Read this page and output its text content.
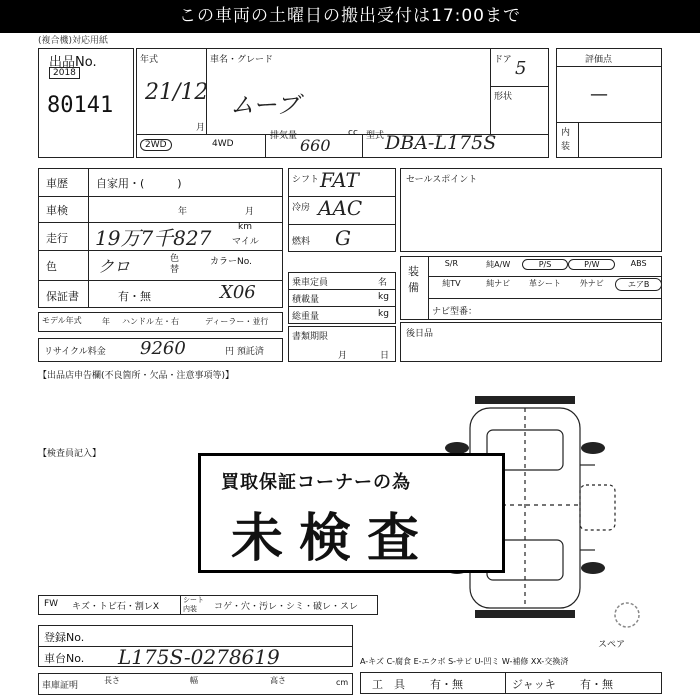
この車両の土曜日の搬出受付は17:00まで
(複合機)対応用紙
出品No.
2018
80141
年式
21/12
月
車名・グレード
ムーブ
ドア 5
形状
2WD	4WD
排気量 660
cc 型式 DBA-L175S
評価点
—
内装
車歴	自家用・(　　　)
車検	年	月
走行 19万7千827	km
マイル
色	クロ	色替
カラーNo.
保証書	有・無	X06
モデル年式	年 ハンドル 左・右	ディーラー・並行
リサイクル料金 9260	円 預託済
シフト FAT
冷房 AAC
燃料 G
乗車定員	名
積載量	kg
総重量	kg
書類期限
月	日
セールスポイント
装備
S/R	純A/W	P/S	P/W	ABS
純TV	純ナビ	革シート	外ナビ	エアB
ナビ型番：
後日品
【出品店申告欄(不良箇所・欠品・注意事項等)】
【検査員記入】
買取保証コーナーの為
未検査
FW キズ・トビ石・割レX
シート内装	コゲ・穴・汚レ・シミ・破レ・スレ
登録No.
車台No. L175S-0278619
車庫証明
長さ	幅	高さ	cm
スペア
A-キズ C-腐食 E-エクボ S-サビ U-凹ミ W-補修 XX-交換済
工　具 有・無	ジャッキ 有・無
